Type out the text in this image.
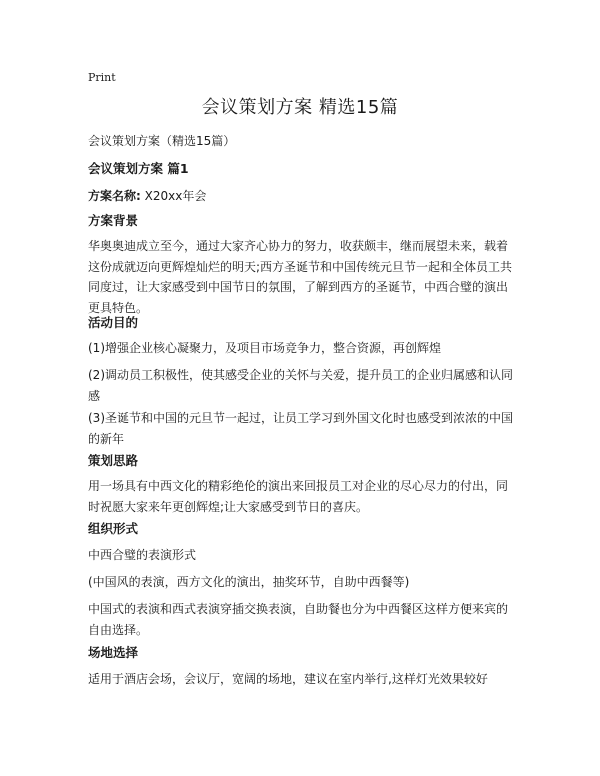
Print
会议策划方案 精选15篇
会议策划方案（精选15篇）
会议策划方案 篇1
方案名称: X20xx年会
方案背景
华奥奥迪成立至今，通过大家齐心协力的努力，收获颇丰，继而展望未来，载着这份成就迈向更辉煌灿烂的明天;西方圣诞节和中国传统元旦节一起和全体员工共同度过，让大家感受到中国节日的氛围，了解到西方的圣诞节，中西合璧的演出更具特色。
活动目的
(1)增强企业核心凝聚力，及项目市场竞争力，整合资源，再创辉煌
(2)调动员工积极性，使其感受企业的关怀与关爱，提升员工的企业归属感和认同感
(3)圣诞节和中国的元旦节一起过，让员工学习到外国文化时也感受到浓浓的中国的新年
策划思路
用一场具有中西文化的精彩绝伦的演出来回报员工对企业的尽心尽力的付出，同时祝愿大家来年更创辉煌;让大家感受到节日的喜庆。
组织形式
中西合璧的表演形式
(中国风的表演，西方文化的演出，抽奖环节，自助中西餐等)
中国式的表演和西式表演穿插交换表演，自助餐也分为中西餐区这样方便来宾的自由选择。
场地选择
适用于酒店会场，会议厅，宽阔的场地，建议在室内举行,这样灯光效果较好
